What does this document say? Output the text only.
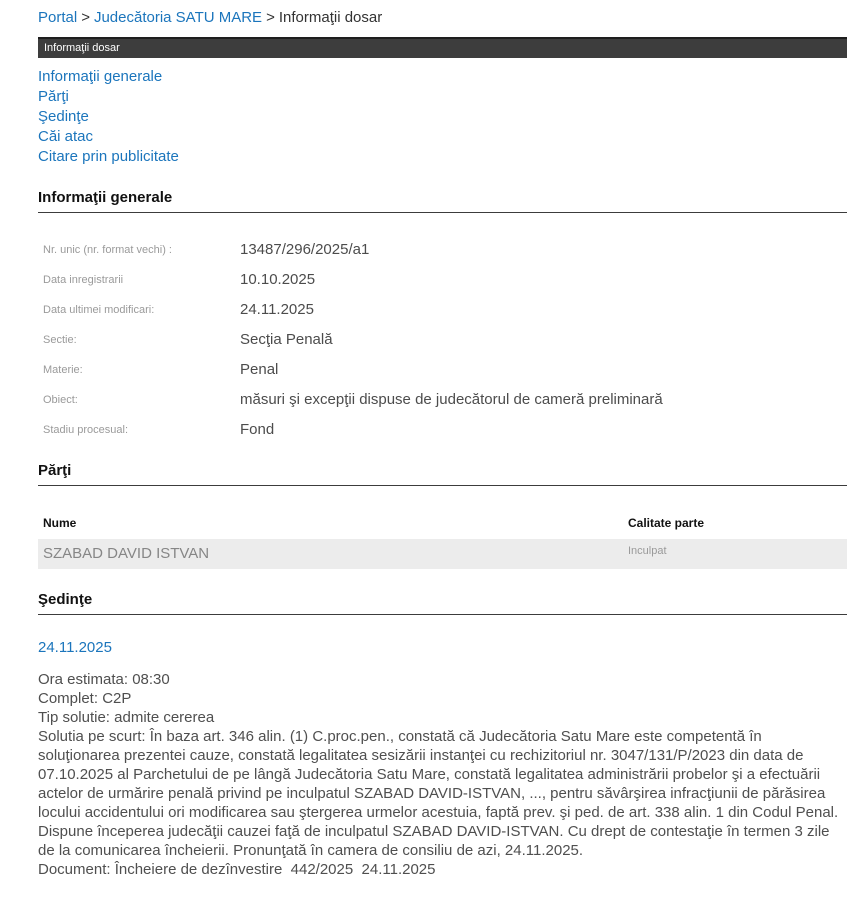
Portal > Judecătoria SATU MARE > Informaţii dosar
Informaţii dosar
Informaţii generale
Părţi
Şedinţe
Căi atac
Citare prin publicitate
Informaţii generale
Nr. unic (nr. format vechi) :	13487/296/2025/a1
Data inregistrarii	10.10.2025
Data ultimei modificari:	24.11.2025
Sectie:	Secţia Penală
Materie:	Penal
Obiect:	măsuri şi excepţii dispuse de judecătorul de cameră preliminară
Stadiu procesual:	Fond
Părţi
Nume	Calitate parte
SZABAD DAVID ISTVAN	Inculpat
Şedinţe
24.11.2025
Ora estimata: 08:30
Complet: C2P
Tip solutie: admite cererea
Solutia pe scurt: În baza art. 346 alin. (1) C.proc.pen., constată că Judecătoria Satu Mare este competentă în soluţionarea prezentei cauze, constată legalitatea sesizării instanţei cu rechizitoriul nr. 3047/131/P/2023 din data de 07.10.2025 al Parchetului de pe lângă Judecătoria Satu Mare, constată legalitatea administrării probelor şi a efectuării actelor de urmărire penală privind pe inculpatul SZABAD DAVID-ISTVAN, ..., pentru săvârşirea infracţiunii de părăsirea locului accidentului ori modificarea sau ştergerea urmelor acestuia, faptă prev. şi ped. de art. 338 alin. 1 din Codul Penal. Dispune începerea judecăţii cauzei faţă de inculpatul SZABAD DAVID-ISTVAN. Cu drept de contestaţie în termen 3 zile de la comunicarea încheierii. Pronunţată în camera de consiliu de azi, 24.11.2025.
Document: Încheiere de dezînvestire  442/2025  24.11.2025
